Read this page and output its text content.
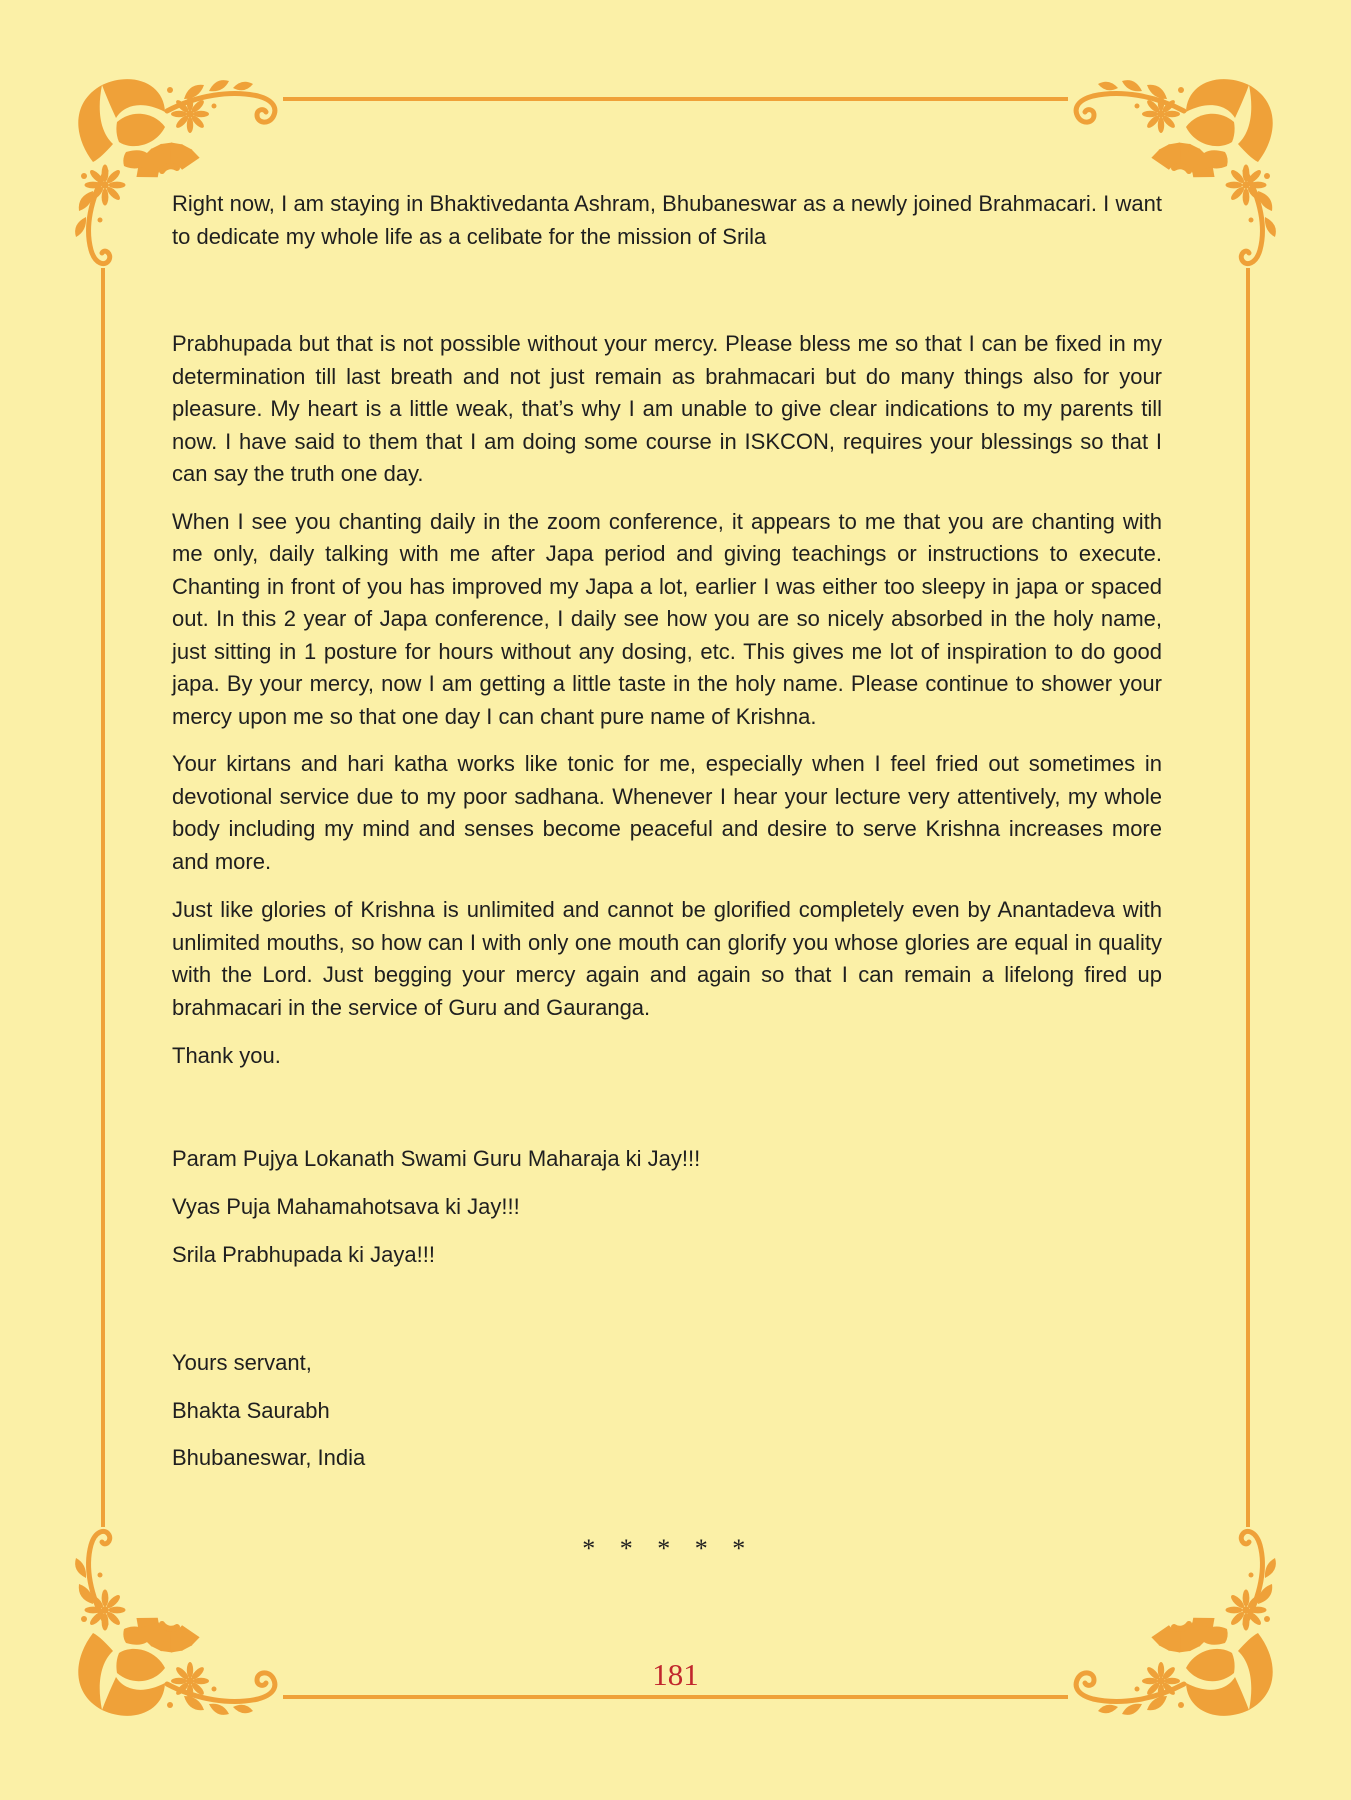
Right now, I am staying in Bhaktivedanta Ashram, Bhubaneswar as a newly joined Brahmacari. I want to dedicate my whole life as a celibate for the mission of Srila

Prabhupada but that is not possible without your mercy. Please bless me so that I can be fixed in my determination till last breath and not just remain as brahmacari but do many things also for your pleasure. My heart is a little weak, that’s why I am unable to give clear indications to my parents till now. I have said to them that I am doing some course in ISKCON, requires your blessings so that I can say the truth one day.

When I see you chanting daily in the zoom conference, it appears to me that you are chanting with me only, daily talking with me after Japa period and giving teachings or instructions to execute. Chanting in front of you has improved my Japa a lot, earlier I was either too sleepy in japa or spaced out. In this 2 year of Japa conference, I daily see how you are so nicely absorbed in the holy name, just sitting in 1 posture for hours without any dosing, etc. This gives me lot of inspiration to do good japa. By your mercy, now I am getting a little taste in the holy name. Please continue to shower your mercy upon me so that one day I can chant pure name of Krishna.

Your kirtans and hari katha works like tonic for me, especially when I feel fried out sometimes in devotional service due to my poor sadhana. Whenever I hear your lecture very attentively, my whole body including my mind and senses become peaceful and desire to serve Krishna increases more and more.

Just like glories of Krishna is unlimited and cannot be glorified completely even by Anantadeva with unlimited mouths, so how can I with only one mouth can glorify you whose glories are equal in quality with the Lord. Just begging your mercy again and again so that I can remain a lifelong fired up brahmacari in the service of Guru and Gauranga.

Thank you.

Param Pujya Lokanath Swami Guru Maharaja ki Jay!!!

Vyas Puja Mahamahotsava ki Jay!!!

Srila Prabhupada ki Jaya!!!

Yours servant,

Bhakta Saurabh

Bhubaneswar, India

* * * * *

181
